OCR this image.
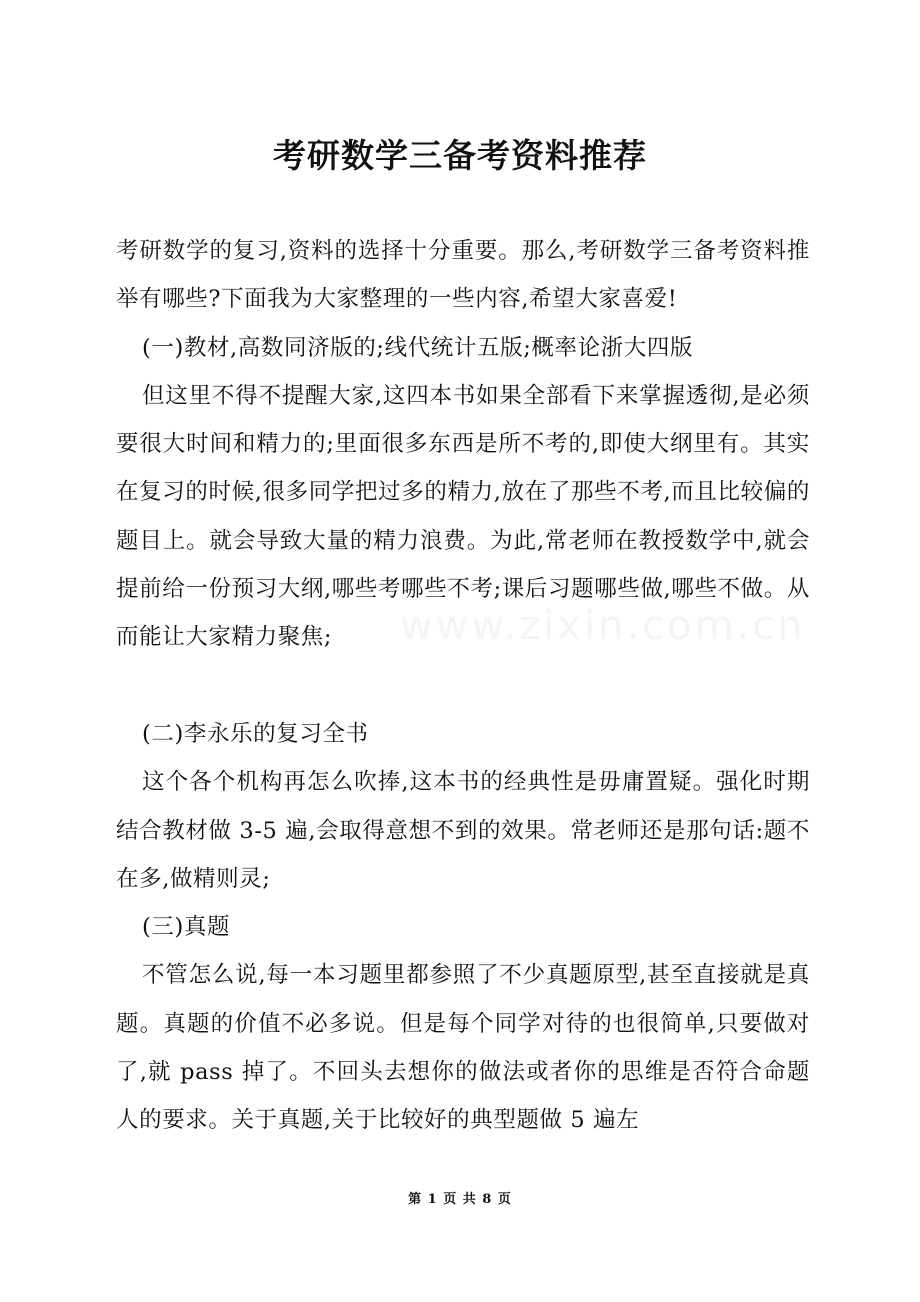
考研数学三备考资料推荐

考研数学的复习,资料的选择十分重要。那么,考研数学三备考资料推举有哪些?下面我为大家整理的一些内容,希望大家喜爱!

(一)教材,高数同济版的;线代统计五版;概率论浙大四版

但这里不得不提醒大家,这四本书如果全部看下来掌握透彻,是必须要很大时间和精力的;里面很多东西是所不考的,即使大纲里有。其实在复习的时候,很多同学把过多的精力,放在了那些不考,而且比较偏的题目上。就会导致大量的精力浪费。为此,常老师在教授数学中,就会提前给一份预习大纲,哪些考哪些不考;课后习题哪些做,哪些不做。从而能让大家精力聚焦;

(二)李永乐的复习全书

这个各个机构再怎么吹捧,这本书的经典性是毋庸置疑。强化时期结合教材做 3-5 遍,会取得意想不到的效果。常老师还是那句话:题不在多,做精则灵;

(三)真题

不管怎么说,每一本习题里都参照了不少真题原型,甚至直接就是真题。真题的价值不必多说。但是每个同学对待的也很简单,只要做对了,就 pass 掉了。不回头去想你的做法或者你的思维是否符合命题人的要求。关于真题,关于比较好的典型题做 5 遍左

www.zixin.com.cn
第 1 页 共 8 页
